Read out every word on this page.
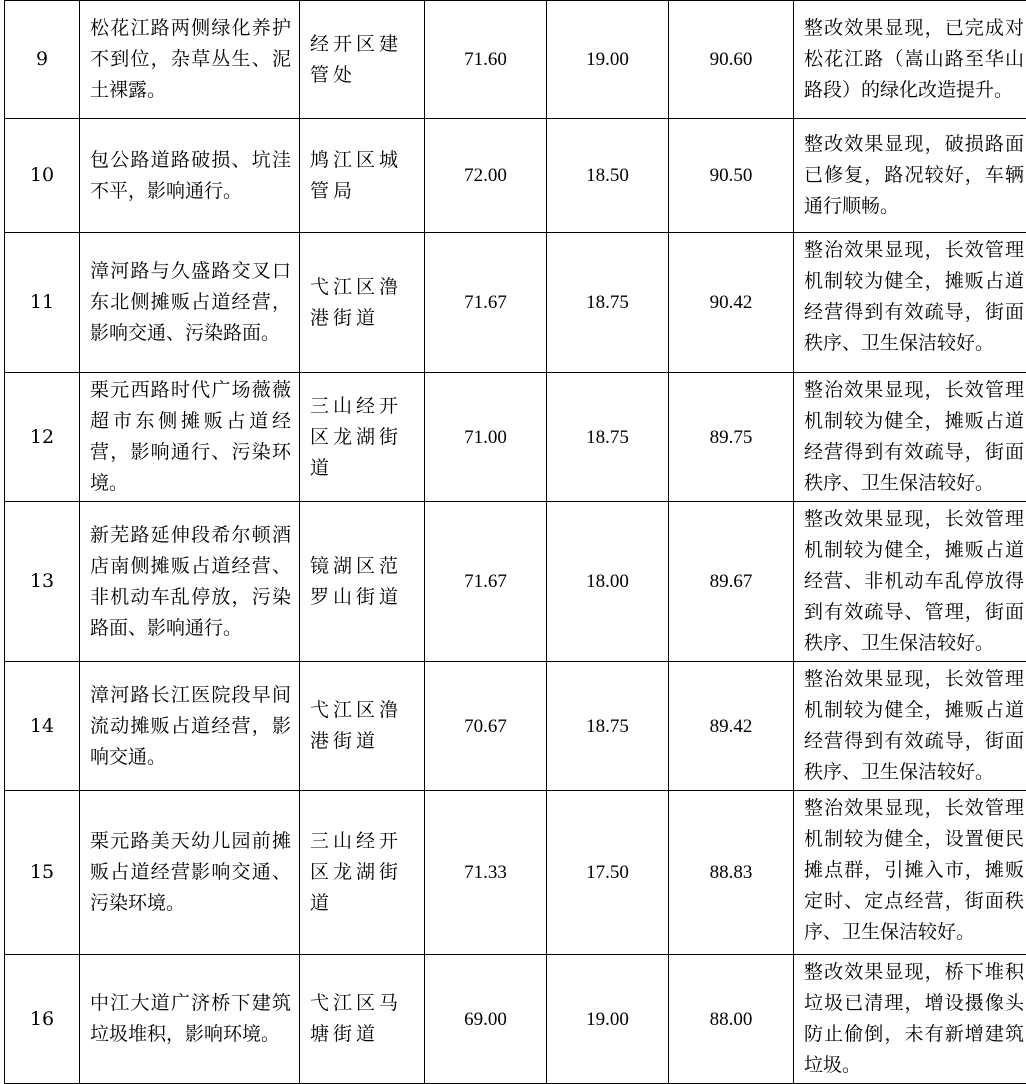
9	松花江路两侧绿化养护不到位，杂草丛生、泥土裸露。	经开区建管处	71.60	19.00	90.60	整改效果显现，已完成对松花江路（嵩山路至华山路段）的绿化改造提升。
10	包公路道路破损、坑洼不平，影响通行。	鸠江区城管局	72.00	18.50	90.50	整改效果显现，破损路面已修复，路况较好，车辆通行顺畅。
11	漳河路与久盛路交叉口东北侧摊贩占道经营，影响交通、污染路面。	弋江区澛港街道	71.67	18.75	90.42	整治效果显现，长效管理机制较为健全，摊贩占道经营得到有效疏导，街面秩序、卫生保洁较好。
12	栗元西路时代广场薇薇超市东侧摊贩占道经营，影响通行、污染环境。	三山经开区龙湖街道	71.00	18.75	89.75	整治效果显现，长效管理机制较为健全，摊贩占道经营得到有效疏导，街面秩序、卫生保洁较好。
13	新芜路延伸段希尔顿酒店南侧摊贩占道经营、非机动车乱停放，污染路面、影响通行。	镜湖区范罗山街道	71.67	18.00	89.67	整改效果显现，长效管理机制较为健全，摊贩占道经营、非机动车乱停放得到有效疏导、管理，街面秩序、卫生保洁较好。
14	漳河路长江医院段早间流动摊贩占道经营，影响交通。	弋江区澛港街道	70.67	18.75	89.42	整治效果显现，长效管理机制较为健全，摊贩占道经营得到有效疏导，街面秩序、卫生保洁较好。
15	栗元路美天幼儿园前摊贩占道经营影响交通、污染环境。	三山经开区龙湖街道	71.33	17.50	88.83	整治效果显现，长效管理机制较为健全，设置便民摊点群，引摊入市，摊贩定时、定点经营，街面秩序、卫生保洁较好。
16	中江大道广济桥下建筑垃圾堆积，影响环境。	弋江区马塘街道	69.00	19.00	88.00	整改效果显现，桥下堆积垃圾已清理，增设摄像头防止偷倒，未有新增建筑垃圾。
